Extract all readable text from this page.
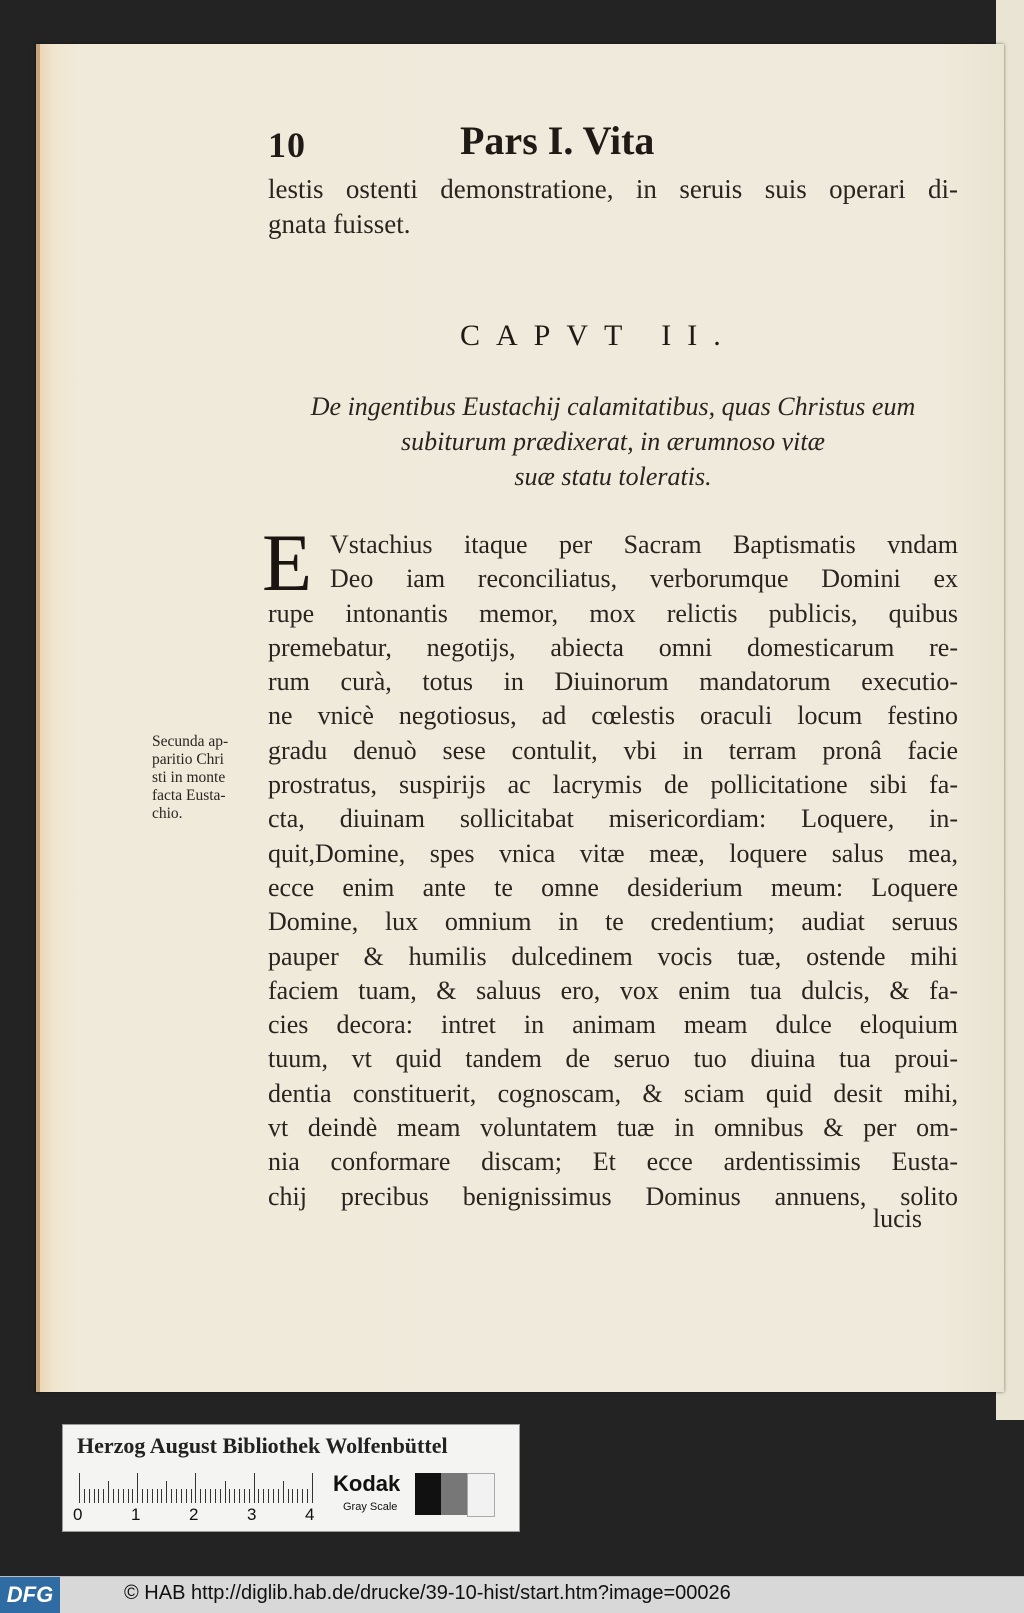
10	Pars I. Vita
lestis ostenti demonstratione, in seruis suis operari di-
gnata fuisset.
CAPVT II.
De ingentibus Eustachij calamitatibus, quas Christus eum
subiturum prædixerat, in ærumnoso vitæ
suæ statu toleratis.
E Vstachius itaque per Sacram Baptismatis vndam
Deo iam reconciliatus, verborumque Domini ex
rupe intonantis memor, mox relictis publicis, quibus
premebatur, negotijs, abiecta omni domesticarum re-
rum curà, totus in Diuinorum mandatorum executio-
ne vnicè negotiosus, ad cœlestis oraculi locum festino
gradu denuò sese contulit, vbi in terram pronâ facie
prostratus, suspirijs ac lacrymis de pollicitatione sibi fa-
cta, diuinam sollicitabat misericordiam: Loquere, in-
quit,Domine, spes vnica vitæ meæ, loquere salus mea,
ecce enim ante te omne desiderium meum: Loquere
Domine, lux omnium in te credentium; audiat seruus
pauper & humilis dulcedinem vocis tuæ, ostende mihi
faciem tuam, & saluus ero, vox enim tua dulcis, & fa-
cies decora: intret in animam meam dulce eloquium
tuum, vt quid tandem de seruo tuo diuina tua proui-
dentia constituerit, cognoscam, & sciam quid desit mihi,
vt deindè meam voluntatem tuæ in omnibus & per om-
nia conformare discam; Et ecce ardentissimis Eusta-
chij precibus benignissimus Dominus annuens, solito
lucis
Secunda ap-
paritio Chri
sti in monte
facta Eusta-
chio.
Herzog August Bibliothek Wolfenbüttel
0	1	2	3	4
Kodak
Gray Scale
DFG	© HAB http://diglib.hab.de/drucke/39-10-hist/start.htm?image=00026
